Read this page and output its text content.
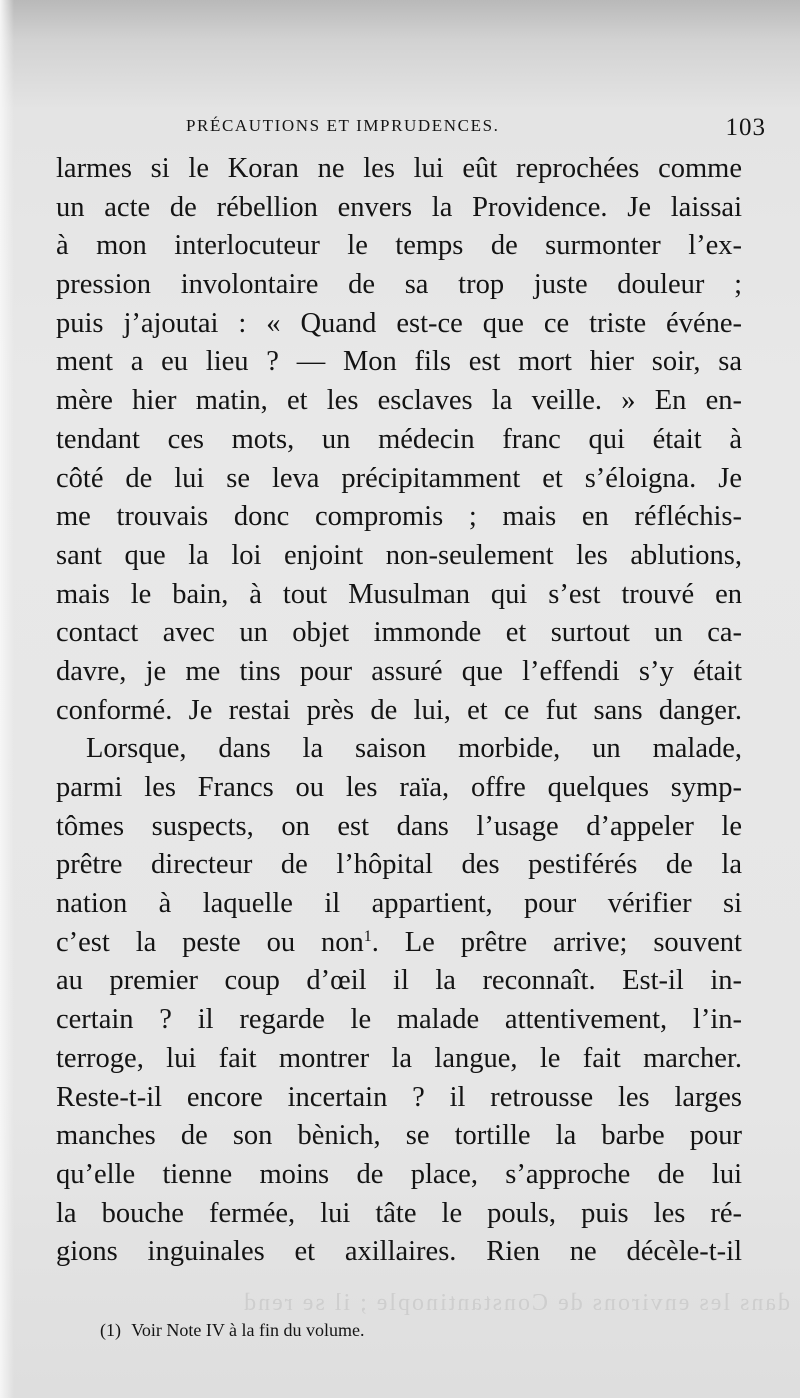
dans les environs de Constantinople ; il se rend
PRÉCAUTIONS ET IMPRUDENCES.	103
larmes si le Koran ne les lui eût reprochées comme
un acte de rébellion envers la Providence. Je laissai
à mon interlocuteur le temps de surmonter l’ex-
pression involontaire de sa trop juste douleur ;
puis j’ajoutai : « Quand est-ce que ce triste événe-
ment a eu lieu ? — Mon fils est mort hier soir, sa
mère hier matin, et les esclaves la veille. » En en-
tendant ces mots, un médecin franc qui était à
côté de lui se leva précipitamment et s’éloigna. Je
me trouvais donc compromis ; mais en réfléchis-
sant que la loi enjoint non-seulement les ablutions,
mais le bain, à tout Musulman qui s’est trouvé en
contact avec un objet immonde et surtout un ca-
davre, je me tins pour assuré que l’effendi s’y était
conformé. Je restai près de lui, et ce fut sans danger.
Lorsque, dans la saison morbide, un malade,
parmi les Francs ou les raïa, offre quelques symp-
tômes suspects, on est dans l’usage d’appeler le
prêtre directeur de l’hôpital des pestiférés de la
nation à laquelle il appartient, pour vérifier si
c’est la peste ou non$^1$. Le prêtre arrive; souvent
au premier coup d’œil il la reconnaît. Est-il in-
certain ? il regarde le malade attentivement, l’in-
terroge, lui fait montrer la langue, le fait marcher.
Reste-t-il encore incertain ? il retrousse les larges
manches de son bènich, se tortille la barbe pour
qu’elle tienne moins de place, s’approche de lui
la bouche fermée, lui tâte le pouls, puis les ré-
gions inguinales et axillaires. Rien ne décèle-t-il
(1) Voir Note IV à la fin du volume.
